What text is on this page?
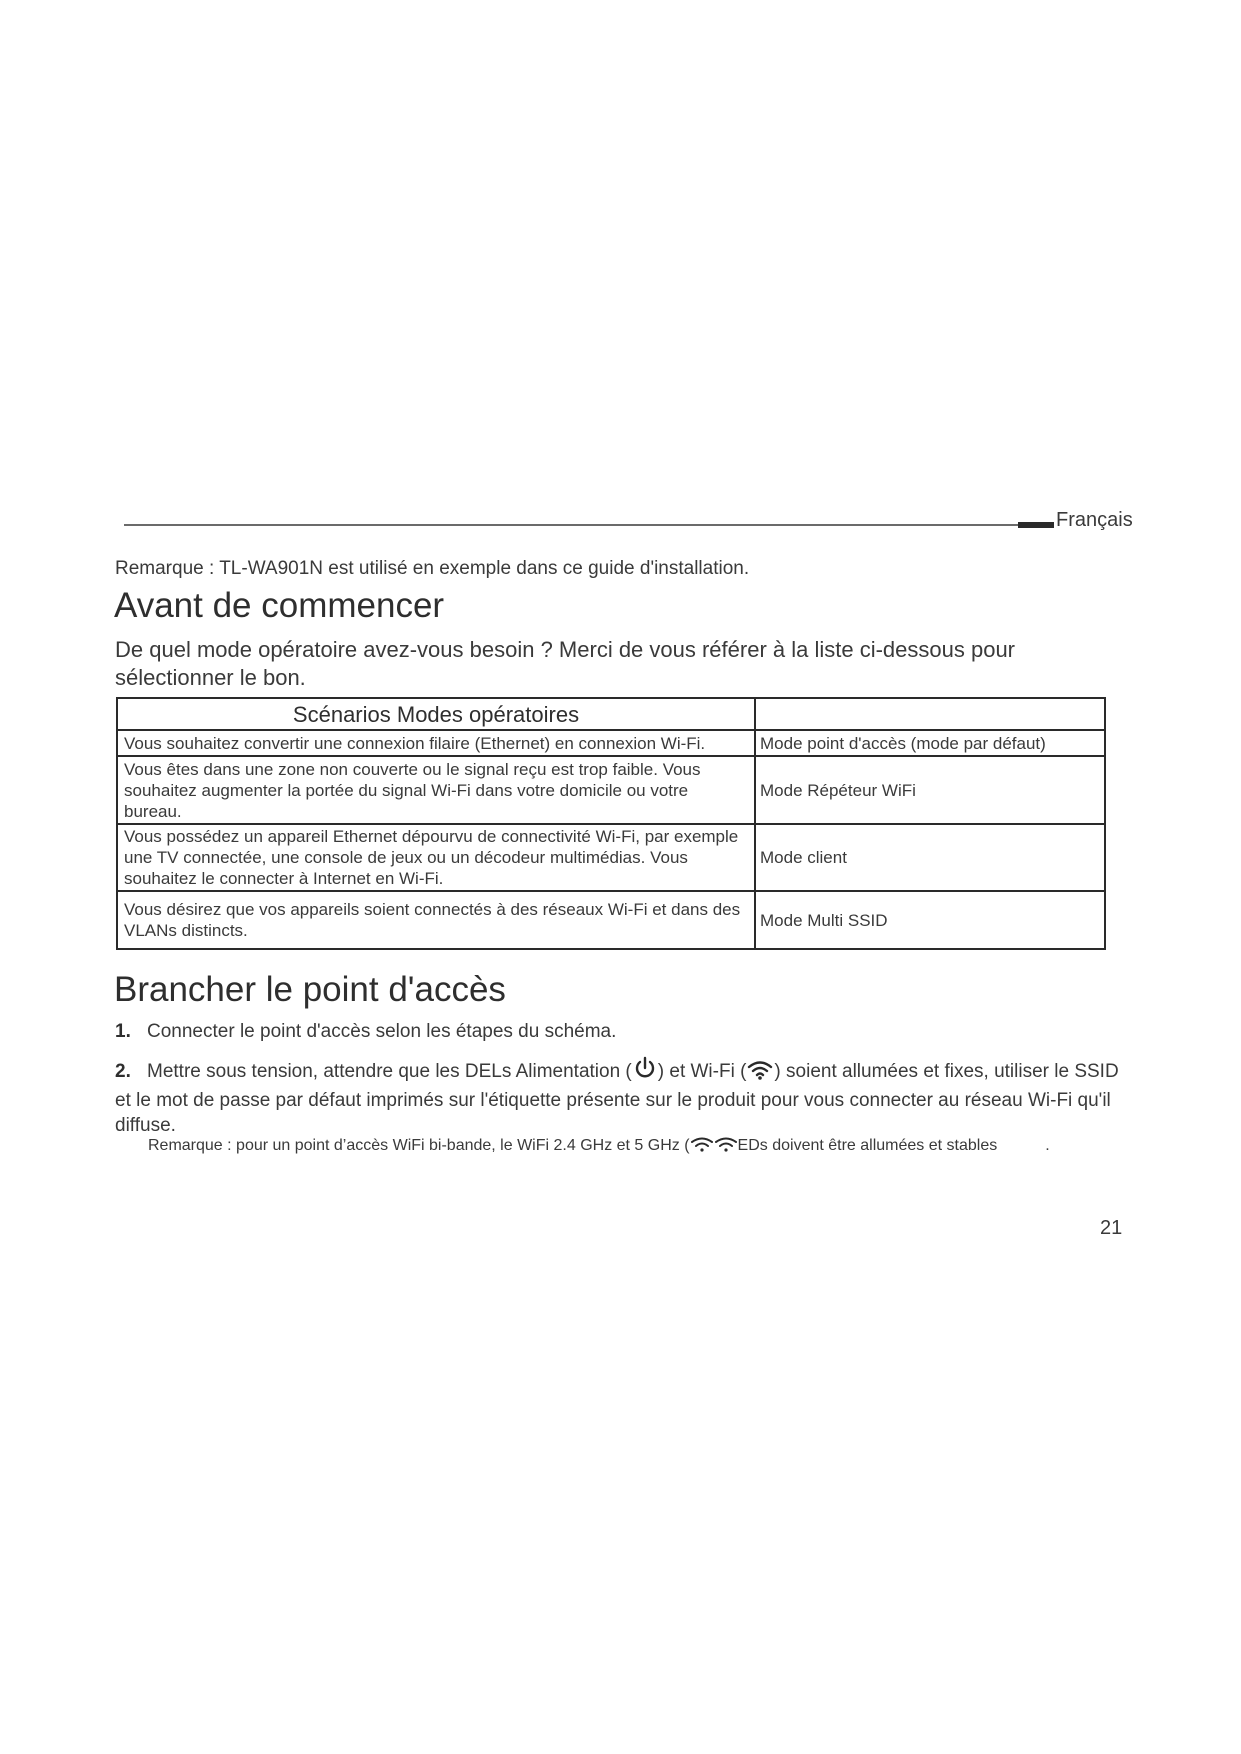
Français
Remarque : TL-WA901N est utilisé en exemple dans ce guide d'installation.
Avant de commencer
De quel mode opératoire avez-vous besoin ? Merci de vous référer à la liste ci-dessous pour sélectionner le bon.
Scénarios Modes opératoires	
Vous souhaitez convertir une connexion filaire (Ethernet) en connexion Wi-Fi.	Mode point d'accès (mode par défaut)
Vous êtes dans une zone non couverte ou le signal reçu est trop faible. Vous souhaitez augmenter la portée du signal Wi-Fi dans votre domicile ou votre bureau.	Mode Répéteur WiFi
Vous possédez un appareil Ethernet dépourvu de connectivité Wi-Fi, par exemple une TV connectée, une console de jeux ou un décodeur multimédias. Vous souhaitez le connecter à Internet en Wi-Fi.	Mode client
Vous désirez que vos appareils soient connectés à des réseaux Wi-Fi et dans des VLANs distincts.	Mode Multi SSID
Brancher le point d'accès
1. Connecter le point d'accès selon les étapes du schéma.
2. Mettre sous tension, attendre que les DELs Alimentation ( ) et Wi-Fi ( ) soient allumées et fixes, utiliser le SSID et le mot de passe par défaut imprimés sur l'étiquette présente sur le produit pour vous connecter au réseau Wi-Fi qu'il diffuse.
Remarque : pour un point d’accès WiFi bi-bande, le WiFi 2.4 GHz et 5 GHz (	EDs doivent être allumées et stables	.
21
